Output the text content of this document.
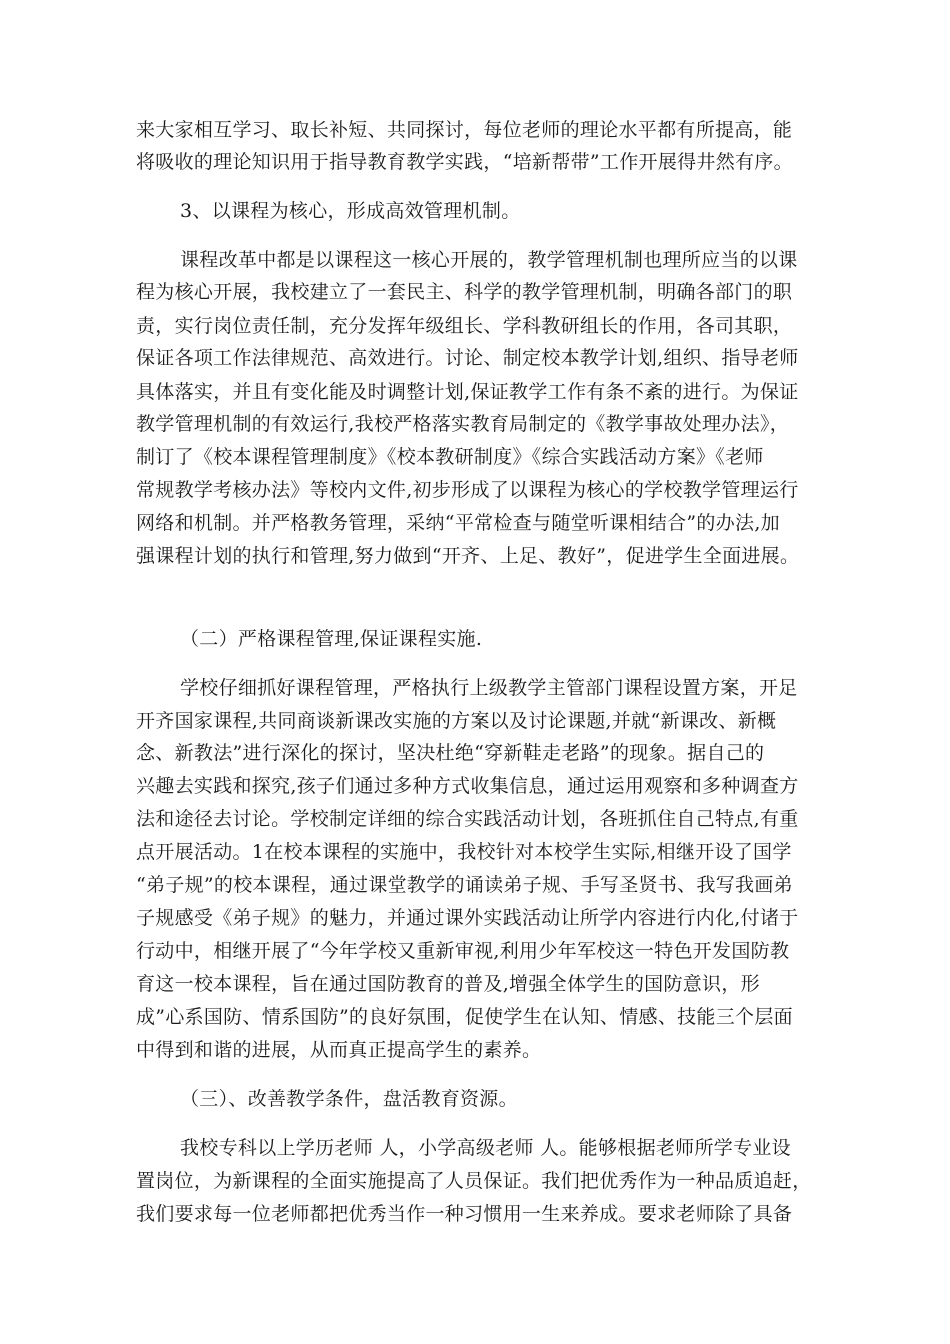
来大家相互学习、取长补短、共同探讨，每位老师的理论水平都有所提高，能
将吸收的理论知识用于指导教育教学实践，“培新帮带”工作开展得井然有序。
3、以课程为核心，形成高效管理机制。
课程改革中都是以课程这一核心开展的，教学管理机制也理所应当的以课
程为核心开展，我校建立了一套民主、科学的教学管理机制，明确各部门的职
责，实行岗位责任制，充分发挥年级组长、学科教研组长的作用，各司其职，
保证各项工作法律规范、高效进行。讨论、制定校本教学计划,组织、指导老师
具体落实，并且有变化能及时调整计划,保证教学工作有条不紊的进行。为保证
教学管理机制的有效运行,我校严格落实教育局制定的《教学事故处理办法》，
制订了《校本课程管理制度》《校本教研制度》《综合实践活动方案》《老师
常规教学考核办法》等校内文件,初步形成了以课程为核心的学校教学管理运行
网络和机制。并严格教务管理，采纳“平常检查与随堂听课相结合”的办法,加
强课程计划的执行和管理,努力做到“开齐、上足、教好”，促进学生全面进展。
（二）严格课程管理,保证课程实施.
学校仔细抓好课程管理，严格执行上级教学主管部门课程设置方案，开足
开齐国家课程,共同商谈新课改实施的方案以及讨论课题,并就“新课改、新概
念、新教法”进行深化的探讨，坚决杜绝“穿新鞋走老路”的现象。据自己的
兴趣去实践和探究,孩子们通过多种方式收集信息，通过运用观察和多种调查方
法和途径去讨论。学校制定详细的综合实践活动计划，各班抓住自己特点,有重
点开展活动。1在校本课程的实施中，我校针对本校学生实际,相继开设了国学
“弟子规”的校本课程，通过课堂教学的诵读弟子规、手写圣贤书、我写我画弟
子规感受《弟子规》的魅力，并通过课外实践活动让所学内容进行内化,付诸于
行动中，相继开展了“今年学校又重新审视,利用少年军校这一特色开发国防教
育这一校本课程，旨在通过国防教育的普及,增强全体学生的国防意识，形
成”心系国防、情系国防”的良好氛围，促使学生在认知、情感、技能三个层面
中得到和谐的进展，从而真正提高学生的素养。
（三）、改善教学条件，盘活教育资源。
我校专科以上学历老师 人，小学高级老师 人。能够根据老师所学专业设
置岗位，为新课程的全面实施提高了人员保证。我们把优秀作为一种品质追赶，
我们要求每一位老师都把优秀当作一种习惯用一生来养成。要求老师除了具备
